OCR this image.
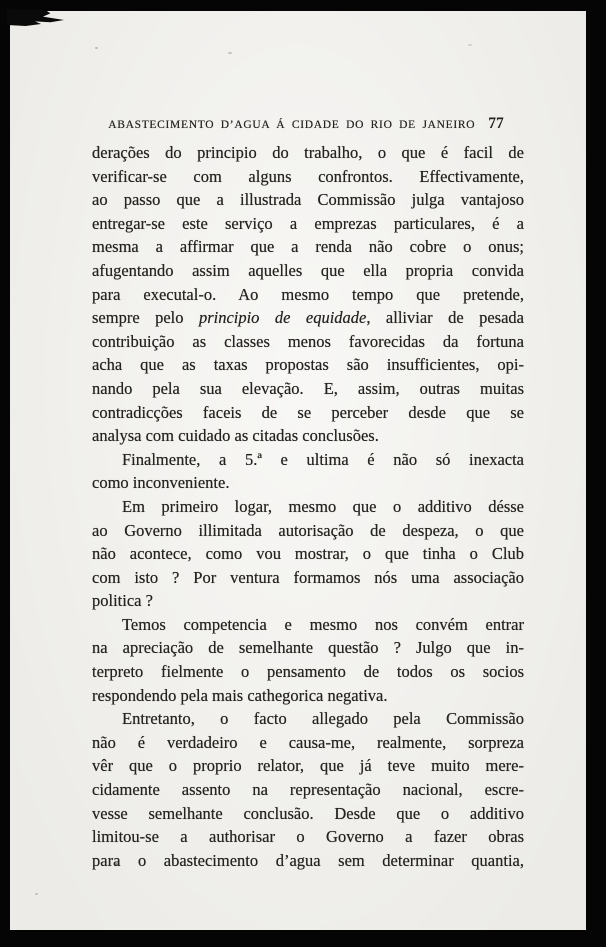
ABASTECIMENTO D’AGUA Á CIDADE DO RIO DE JANEIRO 77
derações do principio do trabalho, o que é facil de
verificar-se com alguns confrontos. Effectivamente,
ao passo que a illustrada Commissão julga vantajoso
entregar-se este serviço a emprezas particulares, é a
mesma a affirmar que a renda não cobre o onus;
afugentando assim aquelles que ella propria convida
para executal-o. Ao mesmo tempo que pretende,
sempre pelo principio de equidade, alliviar de pesada
contribuição as classes menos favorecidas da fortuna
acha que as taxas propostas são insufficientes, opi-
nando pela sua elevação. E, assim, outras muitas
contradicções faceis de se perceber desde que se
analysa com cuidado as citadas conclusões.
Finalmente, a 5.ª e ultima é não só inexacta
como inconveniente.
Em primeiro logar, mesmo que o additivo désse
ao Governo illimitada autorisação de despeza, o que
não acontece, como vou mostrar, o que tinha o Club
com isto ? Por ventura formamos nós uma associação
politica ?
Temos competencia e mesmo nos convém entrar
na apreciação de semelhante questão ? Julgo que in-
terpreto fielmente o pensamento de todos os socios
respondendo pela mais cathegorica negativa.
Entretanto, o facto allegado pela Commissão
não é verdadeiro e causa-me, realmente, sorpreza
vêr que o proprio relator, que já teve muito mere-
cidamente assento na representação nacional, escre-
vesse semelhante conclusão. Desde que o additivo
limitou-se a authorisar o Governo a fazer obras
para o abastecimento d’agua sem determinar quantia,
